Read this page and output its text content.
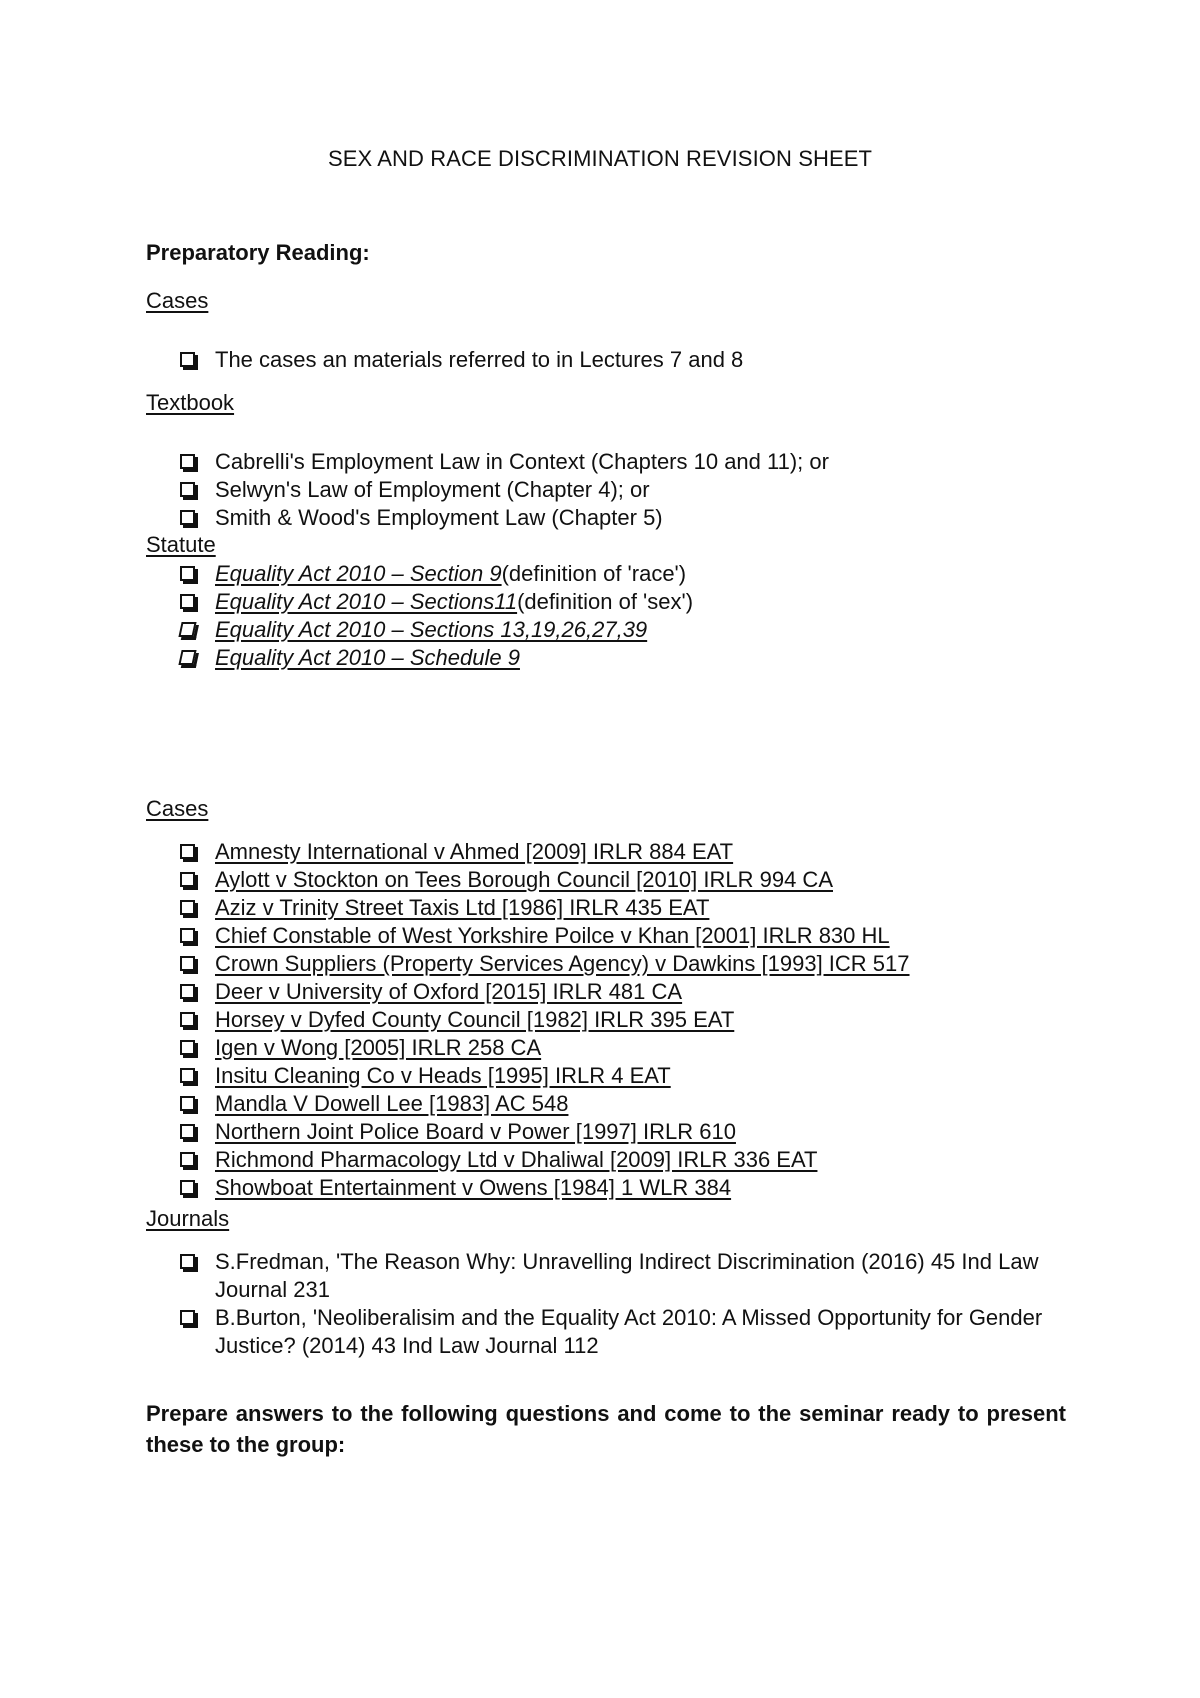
SEX AND RACE DISCRIMINATION REVISION SHEET
Preparatory Reading:
Cases
The cases an materials referred to in Lectures 7 and 8
Textbook
Cabrelli's Employment Law in Context (Chapters 10 and 11); or
Selwyn's Law of Employment (Chapter 4); or
Smith & Wood's Employment Law (Chapter 5)
Statute
Equality Act 2010 – Section 9 (definition of 'race')
Equality Act 2010 – Sections11 (definition of 'sex')
Equality Act 2010 – Sections 13,19,26,27,39
Equality Act 2010 – Schedule 9
Cases
Amnesty International v Ahmed [2009] IRLR 884 EAT
Aylott v Stockton on Tees Borough Council [2010] IRLR 994 CA
Aziz v Trinity Street Taxis Ltd [1986] IRLR 435 EAT
Chief Constable of West Yorkshire Poilce v Khan [2001] IRLR 830 HL
Crown Suppliers (Property Services Agency) v Dawkins [1993] ICR 517
Deer v University of Oxford [2015] IRLR 481 CA
Horsey v Dyfed County Council [1982] IRLR 395 EAT
Igen v Wong [2005] IRLR 258 CA
Insitu Cleaning Co v Heads [1995] IRLR 4 EAT
Mandla V Dowell Lee [1983] AC 548
Northern Joint Police Board v Power [1997] IRLR 610
Richmond Pharmacology Ltd v Dhaliwal [2009] IRLR 336 EAT
Showboat Entertainment v Owens [1984] 1 WLR 384
Journals
S.Fredman, 'The Reason Why: Unravelling Indirect Discrimination (2016) 45 Ind Law Journal 231
B.Burton, 'Neoliberalisim and the Equality Act 2010: A Missed Opportunity for Gender Justice? (2014) 43 Ind Law Journal 112
Prepare answers to the following questions and come to the seminar ready to present these to the group:
